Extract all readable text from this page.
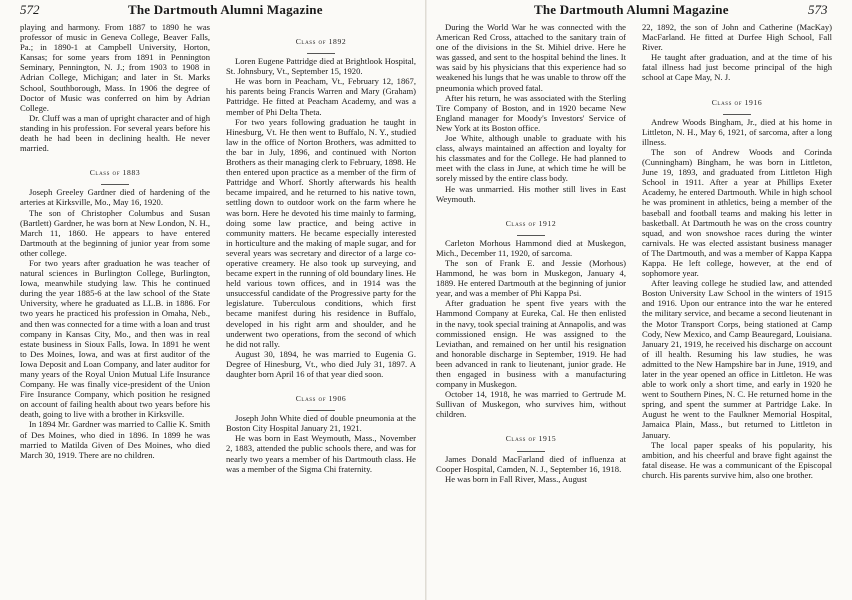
572	The Dartmouth Alumni Magazine

playing and harmony. From 1887 to 1890 he was professor of music in Geneva College, Beaver Falls, Pa.; in 1890-1 at Campbell University, Horton, Kansas; for some years from 1891 in Pennington Seminary, Pennington, N. J.; from 1903 to 1908 in Adrian College, Michigan; and later in St. Marks School, Southborough, Mass. In 1906 the degree of Doctor of Music was conferred on him by Adrian College.

Dr. Cluff was a man of upright character and of high standing in his profession. For several years before his death he had been in declining health. He never married.

Class of 1883

Joseph Greeley Gardner died of hardening of the arteries at Kirksville, Mo., May 16, 1920.

The son of Christopher Columbus and Susan (Bartlett) Gardner, he was born at New London, N. H., March 11, 1860. He appears to have entered Dartmouth at the beginning of junior year from some other college.

For two years after graduation he was teacher of natural sciences in Burlington College, Burlington, Iowa, meanwhile studying law. This he continued during the year 1885-6 at the law school of the State University, where he graduated as LL.B. in 1886. For two years he practiced his profession in Omaha, Neb., and then was connected for a time with a loan and trust company in Kansas City, Mo., and then was in real estate business in Sioux Falls, Iowa. In 1891 he went to Des Moines, Iowa, and was at first auditor of the Iowa Deposit and Loan Company, and later auditor for many years of the Royal Union Mutual Life Insurance Company. He was finally vice-president of the Union Fire Insurance Company, which position he resigned on account of failing health about two years before his death, going to live with a brother in Kirksville.

In 1894 Mr. Gardner was married to Callie K. Smith of Des Moines, who died in 1896. In 1899 he was married to Matilda Given of Des Moines, who died March 30, 1919. There are no children.

Class of 1892

Loren Eugene Pattridge died at Brightlook Hospital, St. Johnsbury, Vt., September 15, 1920.

He was born in Peacham, Vt., February 12, 1867, his parents being Francis Warren and Mary (Graham) Pattridge. He fitted at Peacham Academy, and was a member of Phi Delta Theta.

For two years following graduation he taught in Hinesburg, Vt. He then went to Buffalo, N. Y., studied law in the office of Norton Brothers, was admitted to the bar in July, 1896, and continued with Norton Brothers as their managing clerk to February, 1898. He then entered upon practice as a member of the firm of Pattridge and Whorf. Shortly afterwards his health became impaired, and he returned to his native town, settling down to outdoor work on the farm where he was born. Here he devoted his time mainly to farming, doing some law practice, and being active in community matters. He became especially interested in horticulture and the making of maple sugar, and for several years was secretary and director of a large co-operative creamery. He also took up surveying, and became expert in the running of old boundary lines. He held various town offices, and in 1914 was the unsuccessful candidate of the Progressive party for the legislature. Tuberculous conditions, which first became manifest during his residence in Buffalo, developed in his right arm and shoulder, and he underwent two operations, from the second of which he did not rally.

August 30, 1894, he was married to Eugenia G. Degree of Hinesburg, Vt., who died July 31, 1897. A daughter born April 16 of that year died soon.

Class of 1906

Joseph John White died of double pneumonia at the Boston City Hospital January 21, 1921.

He was born in East Weymouth, Mass., November 2, 1883, attended the public schools there, and was for nearly two years a member of his Dartmouth class. He was a member of the Sigma Chi fraternity.

The Dartmouth Alumni Magazine	573

During the World War he was connected with the American Red Cross, attached to the sanitary train of one of the divisions in the St. Mihiel drive. Here he was gassed, and sent to the hospital behind the lines. It was said by his physicians that this experience had so weakened his lungs that he was unable to throw off the pneumonia which proved fatal.

After his return, he was associated with the Sterling Tire Company of Boston, and in 1920 became New England manager for Moody's Investors' Service of New York at its Boston office.

Joe White, although unable to graduate with his class, always maintained an affection and loyalty for his classmates and for the College. He had planned to meet with the class in June, at which time he will be sorely missed by the entire class body.

He was unmarried. His mother still lives in East Weymouth.

Class of 1912

Carleton Morhous Hammond died at Muskegon, Mich., December 11, 1920, of sarcoma.

The son of Frank E. and Jessie (Morhous) Hammond, he was born in Muskegon, January 4, 1889. He entered Dartmouth at the beginning of junior year, and was a member of Phi Kappa Psi.

After graduation he spent five years with the Hammond Company at Eureka, Cal. He then enlisted in the navy, took special training at Annapolis, and was commissioned ensign. He was assigned to the Leviathan, and remained on her until his resignation and honorable discharge in September, 1919. He had been advanced in rank to lieutenant, junior grade. He then engaged in business with a manufacturing company in Muskegon.

October 14, 1918, he was married to Gertrude M. Sullivan of Muskegon, who survives him, without children.

Class of 1915

James Donald MacFarland died of influenza at Cooper Hospital, Camden, N. J., September 16, 1918.

He was born in Fall River, Mass., August

22, 1892, the son of John and Catherine (MacKay) MacFarland. He fitted at Durfee High School, Fall River.

He taught after graduation, and at the time of his fatal illness had just become principal of the high school at Cape May, N. J.

Class of 1916

Andrew Woods Bingham, Jr., died at his home in Littleton, N. H., May 6, 1921, of sarcoma, after a long illness.

The son of Andrew Woods and Corinda (Cunningham) Bingham, he was born in Littleton, June 19, 1893, and graduated from Littleton High School in 1911. After a year at Phillips Exeter Academy, he entered Dartmouth. While in high school he was prominent in athletics, being a member of the baseball and football teams and making his letter in basketball. At Dartmouth he was on the cross country squad, and won snowshoe races during the winter carnivals. He was elected assistant business manager of The Dartmouth, and was a member of Kappa Kappa Kappa. He left college, however, at the end of sophomore year.

After leaving college he studied law, and attended Boston University Law School in the winters of 1915 and 1916. Upon our entrance into the war he entered the military service, and became a second lieutenant in the Motor Transport Corps, being stationed at Camp Cody, New Mexico, and Camp Beauregard, Louisiana. January 21, 1919, he received his discharge on account of ill health. Resuming his law studies, he was admitted to the New Hampshire bar in June, 1919, and later in the year opened an office in Littleton. He was able to work only a short time, and early in 1920 he went to Southern Pines, N. C. He returned home in the spring, and spent the summer at Partridge Lake. In August he went to the Faulkner Memorial Hospital, Jamaica Plain, Mass., but returned to Littleton in January.

The local paper speaks of his popularity, his ambition, and his cheerful and brave fight against the fatal disease. He was a communicant of the Episcopal church. His parents survive him, also one brother.
